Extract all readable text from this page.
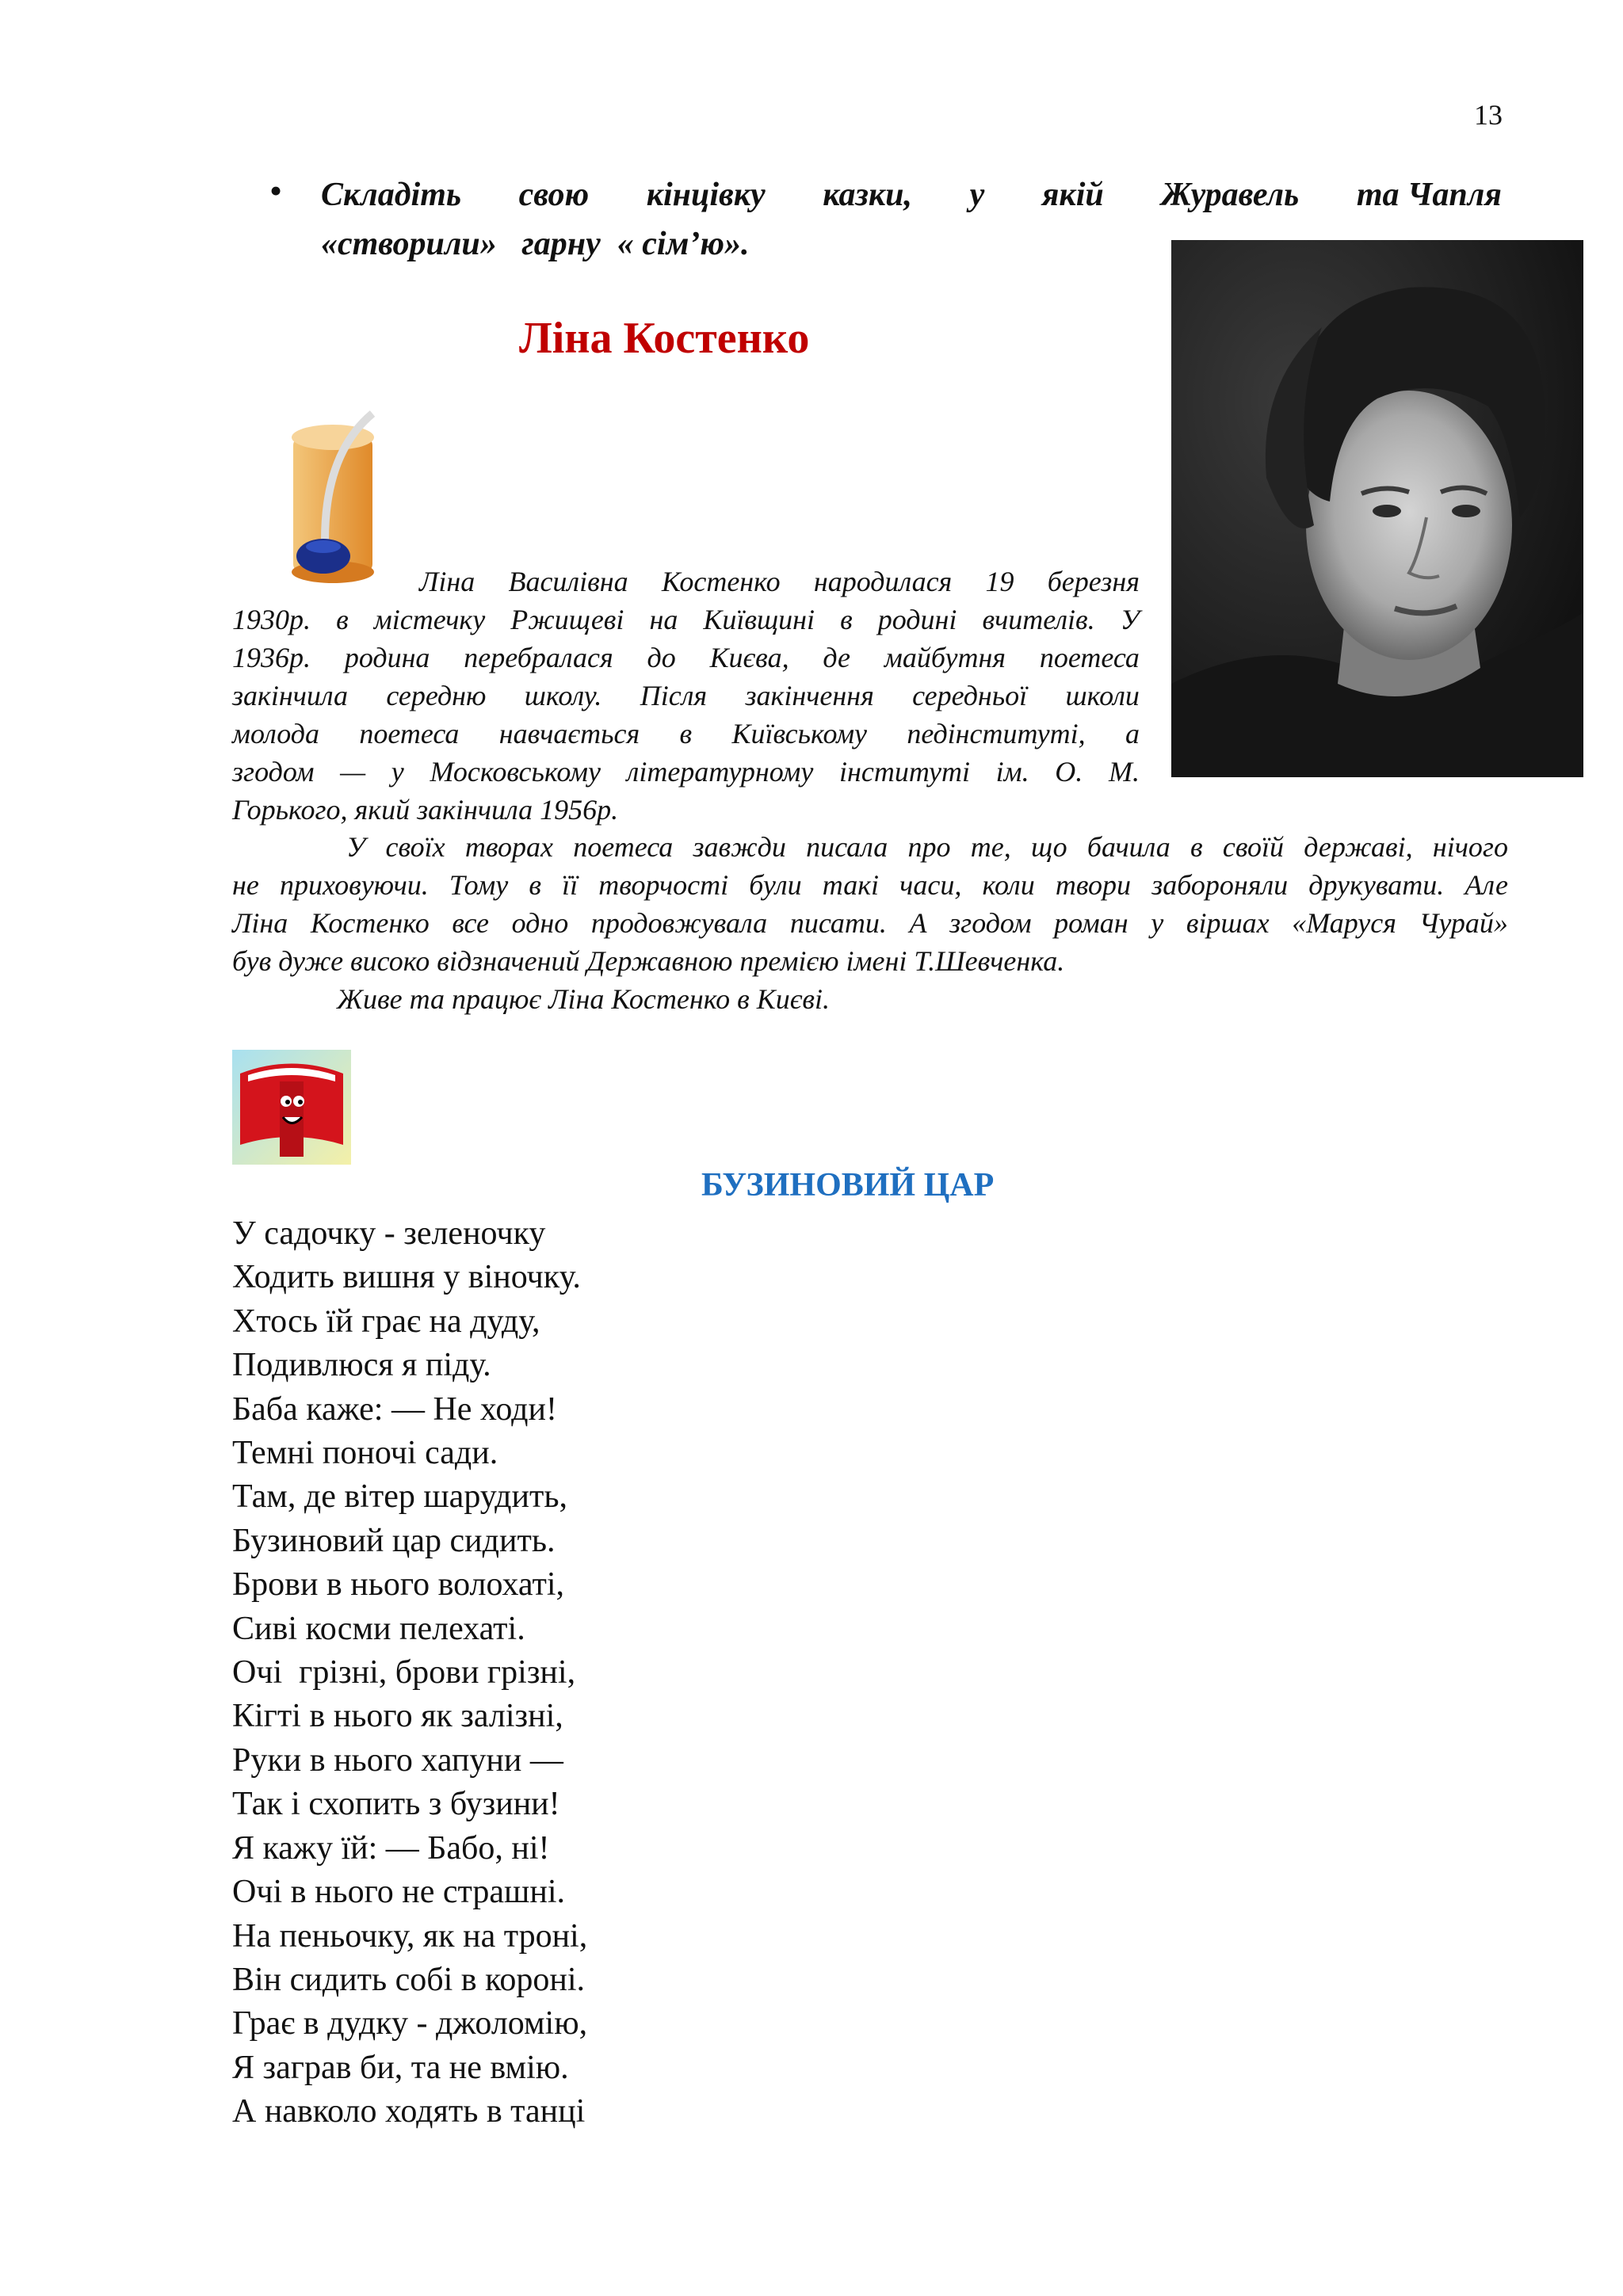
13
• Складіть свою кінцівку казки, у якій Журавель та Чапля
«створили»   гарну  « сім’ю».
Ліна Костенко
Ліна Василівна Костенко народилася 19 березня
1930р. в містечку Ржищеві на Київщині в родині вчителів. У
1936р. родина перебралася до Києва, де майбутня поетеса
закінчила середню школу. Після закінчення середньої школи
молода поетеса навчається в Київському педінституті, а
згодом — у Московському літературному інституті ім. О. М.
Горького, який закінчила 1956р.
У своїх творах поетеса завжди писала про те, що бачила в своїй державі, нічого
не приховуючи. Тому в її творчості були такі часи, коли твори забороняли друкувати. Але
Ліна Костенко все одно продовжувала писати. А згодом роман у віршах «Маруся Чурай»
був дуже високо відзначений Державною премією імені Т.Шевченка.
Живе та працює Ліна Костенко в Києві.
БУЗИНОВИЙ ЦАР
У садочку - зеленочку
Ходить вишня у віночку.
Хтось їй грає на дуду,
Подивлюся я піду.
Баба каже: — Не ходи!
Темні поночі сади.
Там, де вітер шарудить,
Бузиновий цар сидить.
Брови в нього волохаті,
Сиві косми пелехаті.
Очі  грізні, брови грізні,
Кігті в нього як залізні,
Руки в нього хапуни —
Так і схопить з бузини!
Я кажу їй: — Бабо, ні!
Очі в нього не страшні.
На пеньочку, як на троні,
Він сидить собі в короні.
Грає в дудку - джоломію,
Я заграв би, та не вмію.
А навколо ходять в танці
